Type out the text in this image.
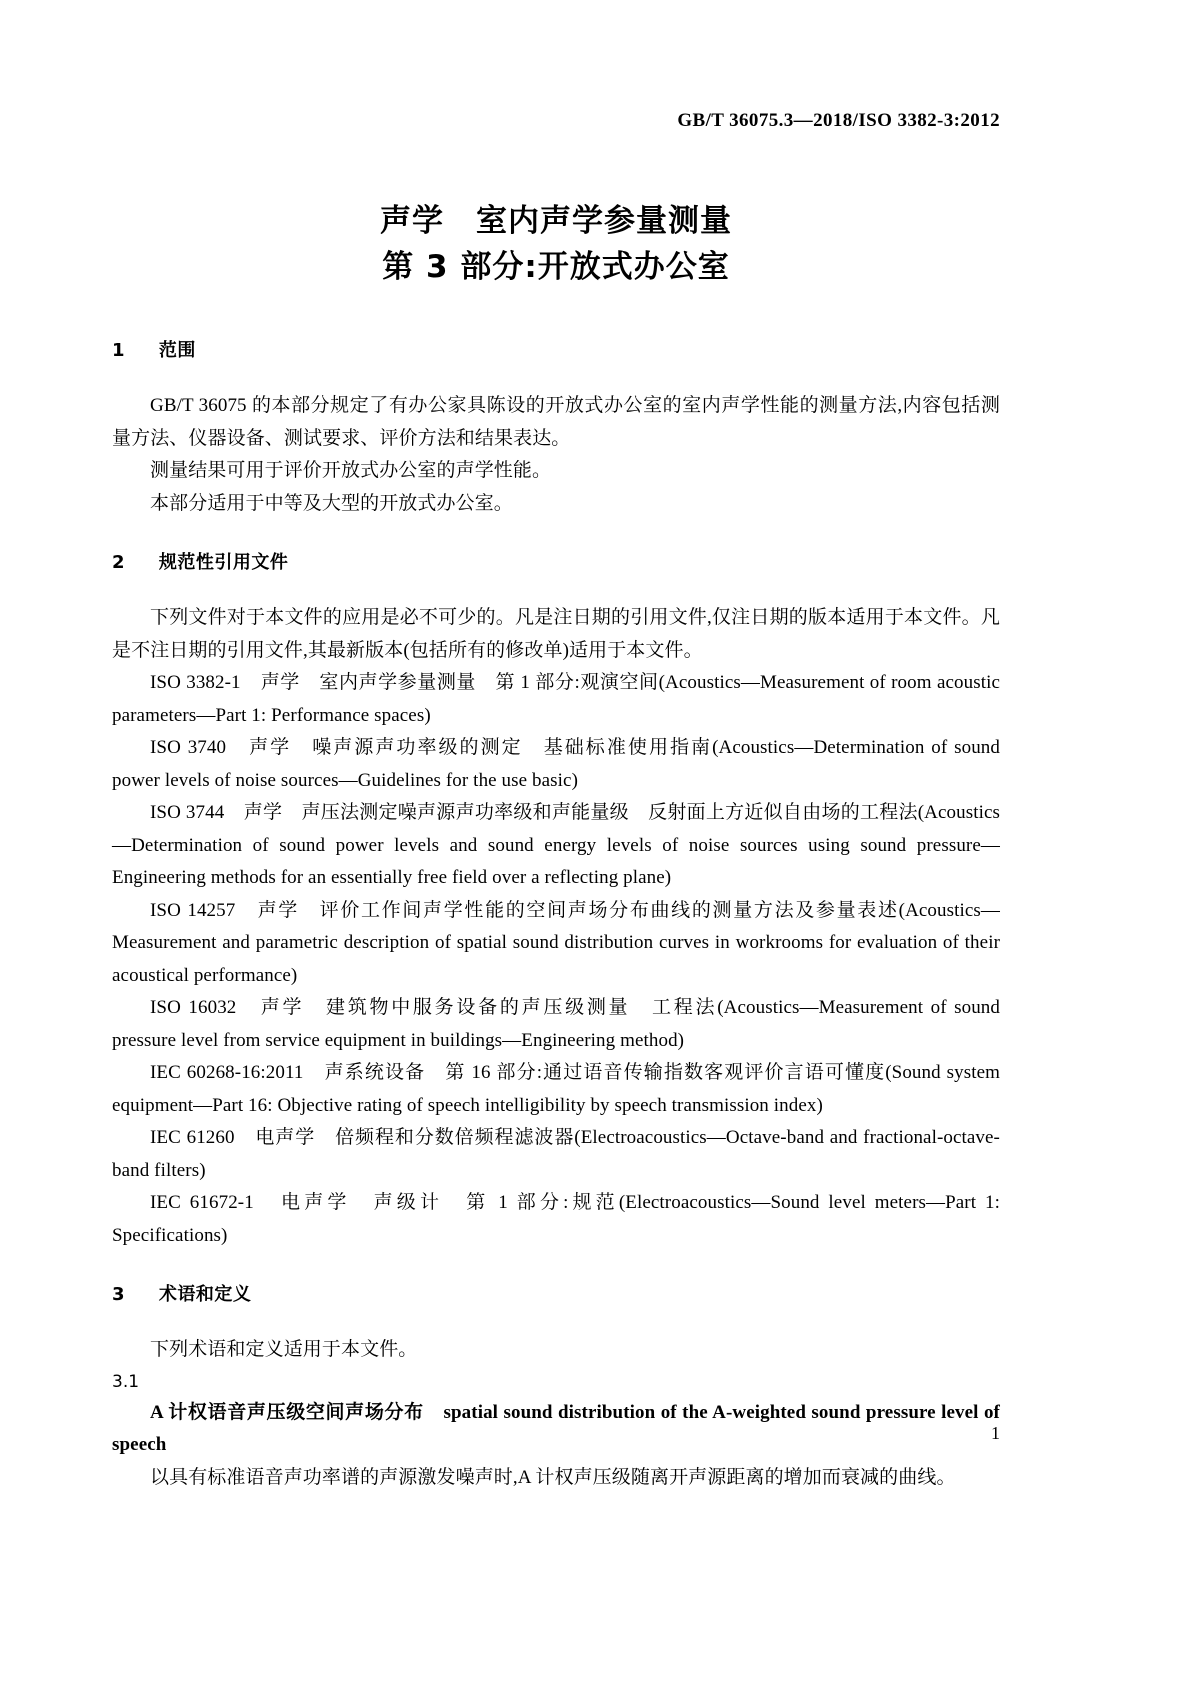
GB/T 36075.3—2018/ISO 3382-3:2012
声学　室内声学参量测量
第 3 部分:开放式办公室
1 范围

GB/T 36075 的本部分规定了有办公家具陈设的开放式办公室的室内声学性能的测量方法,内容包括测量方法、仪器设备、测试要求、评价方法和结果表达。

测量结果可用于评价开放式办公室的声学性能。

本部分适用于中等及大型的开放式办公室。

2 规范性引用文件

下列文件对于本文件的应用是必不可少的。凡是注日期的引用文件,仅注日期的版本适用于本文件。凡是不注日期的引用文件,其最新版本(包括所有的修改单)适用于本文件。

ISO 3382-1　声学　室内声学参量测量　第 1 部分:观演空间(Acoustics—Measurement of room acoustic parameters—Part 1: Performance spaces)

ISO 3740　声学　噪声源声功率级的测定　基础标准使用指南(Acoustics—Determination of sound power levels of noise sources—Guidelines for the use basic)

ISO 3744　声学　声压法测定噪声源声功率级和声能量级　反射面上方近似自由场的工程法(Acoustics—Determination of sound power levels and sound energy levels of noise sources using sound pressure—Engineering methods for an essentially free field over a reflecting plane)

ISO 14257　声学　评价工作间声学性能的空间声场分布曲线的测量方法及参量表述(Acoustics—Measurement and parametric description of spatial sound distribution curves in workrooms for evaluation of their acoustical performance)

ISO 16032　声学　建筑物中服务设备的声压级测量　工程法(Acoustics—Measurement of sound pressure level from service equipment in buildings—Engineering method)

IEC 60268-16:2011　声系统设备　第 16 部分:通过语音传输指数客观评价言语可懂度(Sound system equipment—Part 16: Objective rating of speech intelligibility by speech transmission index)

IEC 61260　电声学　倍频程和分数倍频程滤波器(Electroacoustics—Octave-band and fractional-octave-band filters)

IEC 61672-1　电声学　声级计　第 1 部分:规范(Electroacoustics—Sound level meters—Part 1: Specifications)

3 术语和定义

下列术语和定义适用于本文件。

3.1

A 计权语音声压级空间声场分布　spatial sound distribution of the A-weighted sound pressure level of speech

以具有标准语音声功率谱的声源激发噪声时,A 计权声压级随离开声源距离的增加而衰减的曲线。

1
